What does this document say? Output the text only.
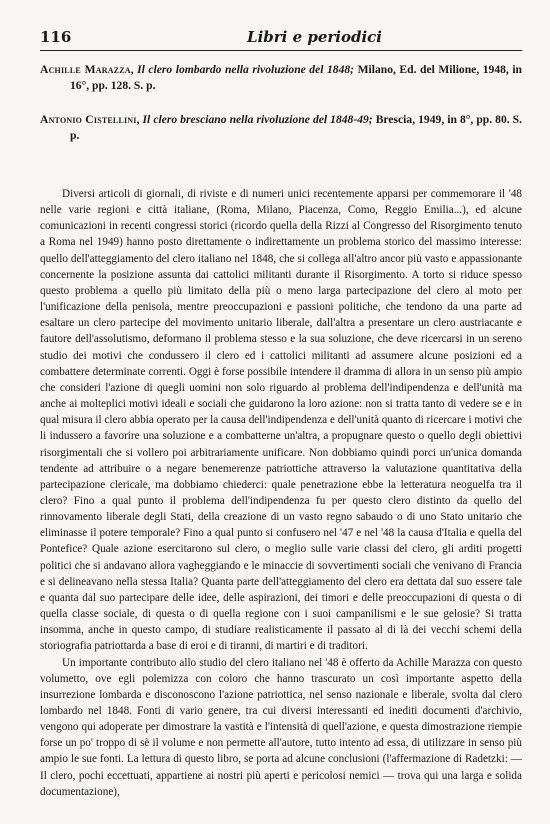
116	Libri e periodici

Achille Marazza, Il clero lombardo nella rivoluzione del 1848; Milano, Ed. del Milione, 1948, in 16°, pp. 128. S. p.

Antonio Cistellini, Il clero bresciano nella rivoluzione del 1848-49; Brescia, 1949, in 8°, pp. 80. S. p.

Diversi articoli di giornali, di riviste e di numeri unici recentemente apparsi per commemorare il '48 nelle varie regioni e città italiane, (Roma, Milano, Piacenza, Como, Reggio Emilia...), ed alcune comunicazioni in recenti congressi storici (ricordo quella della Rizzi al Congresso del Risorgimento tenuto a Roma nel 1949) hanno posto direttamente o indirettamente un problema storico del massimo interesse: quello dell'atteggiamento del clero italiano nel 1848, che si collega all'altro ancor più vasto e appassionante concernente la posizione assunta dai cattolici militanti durante il Risorgimento. A torto si riduce spesso questo problema a quello più limitato della più o meno larga partecipazione del clero al moto per l'unificazione della penisola, mentre preoccupazioni e passioni politiche, che tendono da una parte ad esaltare un clero partecipe del movimento unitario liberale, dall'altra a presentare un clero austriacante e fautore dell'assolutismo, deformano il problema stesso e la sua soluzione, che deve ricercarsi in un sereno studio dei motivi che condussero il clero ed i cattolici militanti ad assumere alcune posizioni ed a combattere determinate correnti. Oggi è forse possibile intendere il dramma di allora in un senso più ampio che consideri l'azione di quegli uomini non solo riguardo al problema dell'indipendenza e dell'unità ma anche ai molteplici motivi ideali e sociali che guidarono la loro azione: non si tratta tanto di vedere se e in qual misura il clero abbia operato per la causa dell'indipendenza e dell'unità quanto di ricercare i motivi che li indussero a favorire una soluzione e a combatterne un'altra, a propugnare questo o quello degli obiettivi risorgimentali che si vollero poi arbitrariamente unificare. Non dobbiamo quindi porci un'unica domanda tendente ad attribuire o a negare benemerenze patriottiche attraverso la valutazione quantitativa della partecipazione clericale, ma dobbiamo chiederci: quale penetrazione ebbe la letteratura neoguelfa tra il clero? Fino a qual punto il problema dell'indipendenza fu per questo clero distinto da quello del rinnovamento liberale degli Stati, della creazione di un vasto regno sabaudo o di uno Stato unitario che eliminasse il potere temporale? Fino a qual punto si confusero nel '47 e nel '48 la causa d'Italia e quella del Pontefice? Quale azione esercitarono sul clero, o meglio sulle varie classi del clero, gli arditi progetti politici che si andavano allora vagheggiando e le minaccie di sovvertimenti sociali che venivano di Francia e si delineavano nella stessa Italia? Quanta parte dell'atteggiamento del clero era dettata dal suo essere tale e quanta dal suo partecipare delle idee, delle aspirazioni, dei timori e delle preoccupazioni di questa o di quella classe sociale, di questa o di quella regione con i suoi campanilismi e le sue gelosie? Si tratta insomma, anche in questo campo, di studiare realisticamente il passato al di là dei vecchi schemi della storiografia patriottarda a base di eroi e di tiranni, di martiri e di traditori.

Un importante contributo allo studio del clero italiano nel '48 è offerto da Achille Marazza con questo volumetto, ove egli polemizza con coloro che hanno trascurato un così importante aspetto della insurrezione lombarda e disconoscono l'azione patriottica, nel senso nazionale e liberale, svolta dal clero lombardo nel 1848. Fonti di vario genere, tra cui diversi interessanti ed inediti documenti d'archivio, vengono qui adoperate per dimostrare la vastità e l'intensità di quell'azione, e questa dimostrazione riempie forse un po' troppo di sè il volume e non permette all'autore, tutto intento ad essa, di utilizzare in senso più ampio le sue fonti. La lettura di questo libro, se porta ad alcune conclusioni (l'affermazione di Radetzki: — Il clero, pochi eccettuati, appartiene ai nostri più aperti e pericolosi nemici — trova qui una larga e solida documentazione),
